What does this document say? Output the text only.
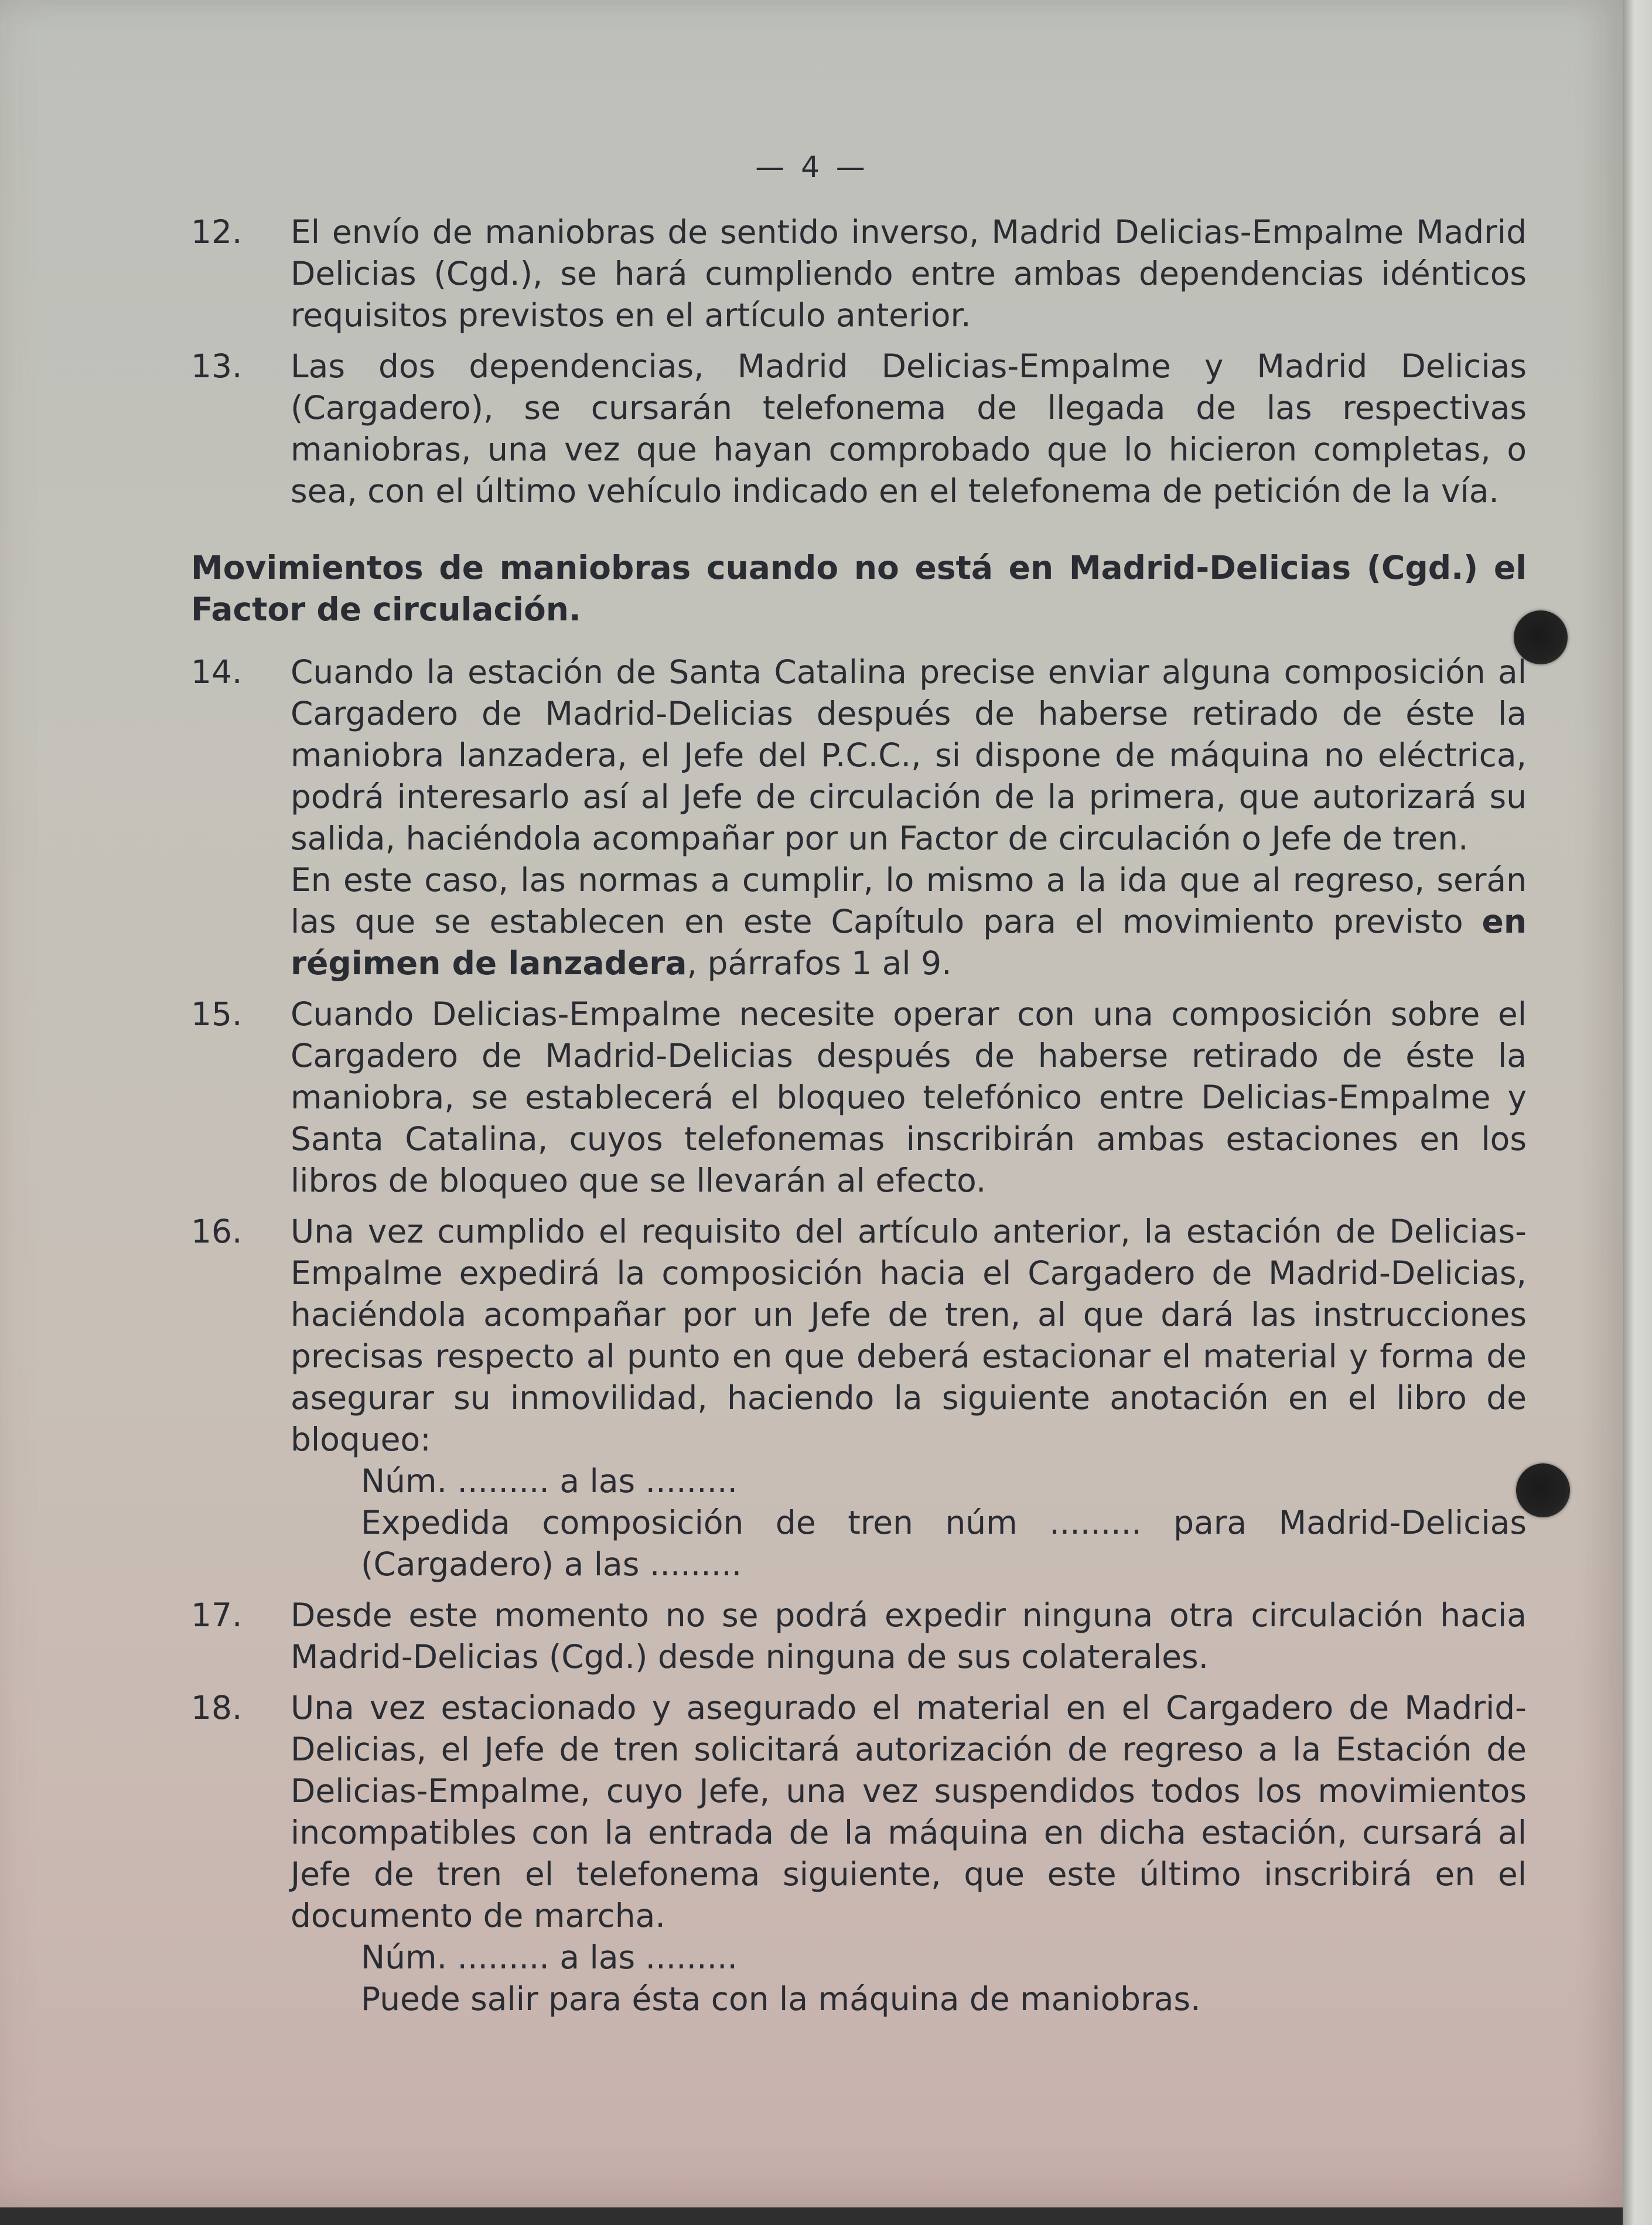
— 4 —
12.	El envío de maniobras de sentido inverso, Madrid Delicias-Empalme Madrid Delicias (Cgd.), se hará cumpliendo entre ambas dependencias idénticos requisitos previstos en el artículo anterior.
13.	Las dos dependencias, Madrid Delicias-Empalme y Madrid Delicias (Cargadero), se cursarán telefonema de llegada de las respectivas maniobras, una vez que hayan comprobado que lo hicieron completas, o sea, con el último vehículo indicado en el telefonema de petición de la vía.
Movimientos de maniobras cuando no está en Madrid-Delicias (Cgd.) el Factor de circulación.
14.	Cuando la estación de Santa Catalina precise enviar alguna composición al Cargadero de Madrid-Delicias después de haberse retirado de éste la maniobra lanzadera, el Jefe del P.C.C., si dispone de máquina no eléctrica, podrá interesarlo así al Jefe de circulación de la primera, que autorizará su salida, haciéndola acompañar por un Factor de circulación o Jefe de tren.

En este caso, las normas a cumplir, lo mismo a la ida que al regreso, serán las que se establecen en este Capítulo para el movimiento previsto en régimen de lanzadera, párrafos 1 al 9.

15.	Cuando Delicias-Empalme necesite operar con una composición sobre el Cargadero de Madrid-Delicias después de haberse retirado de éste la maniobra, se establecerá el bloqueo telefónico entre Delicias-Empalme y Santa Catalina, cuyos telefonemas inscribirán ambas estaciones en los libros de bloqueo que se llevarán al efecto.
16.	Una vez cumplido el requisito del artículo anterior, la estación de Delicias-Empalme expedirá la composición hacia el Cargadero de Madrid-Delicias, haciéndola acompañar por un Jefe de tren, al que dará las instrucciones precisas respecto al punto en que deberá estacionar el material y forma de asegurar su inmovilidad, haciendo la siguiente anotación en el libro de bloqueo:

Núm. ......... a las .........

Expedida composición de tren núm ......... para Madrid-Delicias (Cargadero) a las .........

17.	Desde este momento no se podrá expedir ninguna otra circulación hacia Madrid-Delicias (Cgd.) desde ninguna de sus colaterales.
18.	Una vez estacionado y asegurado el material en el Cargadero de Madrid-Delicias, el Jefe de tren solicitará autorización de regreso a la Estación de Delicias-Empalme, cuyo Jefe, una vez suspendidos todos los movimientos incompatibles con la entrada de la máquina en dicha estación, cursará al Jefe de tren el telefonema siguiente, que este último inscribirá en el documento de marcha.

Núm. ......... a las .........

Puede salir para ésta con la máquina de maniobras.
